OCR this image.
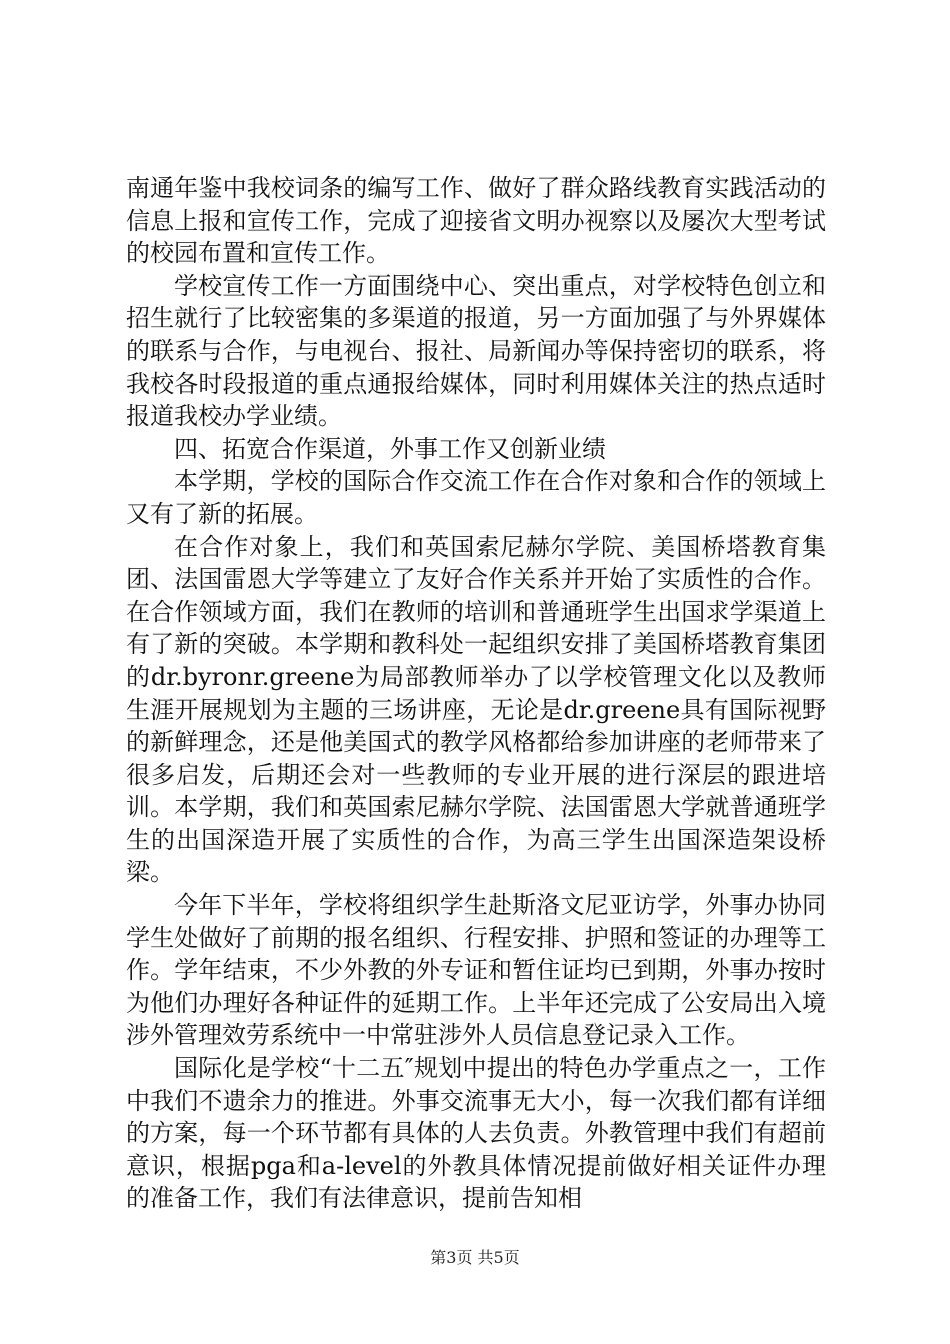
南通年鉴中我校词条的编写工作、做好了群众路线教育实践活动的信息上报和宣传工作，完成了迎接省文明办视察以及屡次大型考试的校园布置和宣传工作。

学校宣传工作一方面围绕中心、突出重点，对学校特色创立和招生就行了比较密集的多渠道的报道，另一方面加强了与外界媒体的联系与合作，与电视台、报社、局新闻办等保持密切的联系，将我校各时段报道的重点通报给媒体，同时利用媒体关注的热点适时报道我校办学业绩。

四、拓宽合作渠道，外事工作又创新业绩

本学期，学校的国际合作交流工作在合作对象和合作的领域上又有了新的拓展。

在合作对象上，我们和英国索尼赫尔学院、美国桥塔教育集团、法国雷恩大学等建立了友好合作关系并开始了实质性的合作。在合作领域方面，我们在教师的培训和普通班学生出国求学渠道上有了新的突破。本学期和教科处一起组织安排了美国桥塔教育集团的dr.byronr.greene为局部教师举办了以学校管理文化以及教师生涯开展规划为主题的三场讲座，无论是dr.greene具有国际视野的新鲜理念，还是他美国式的教学风格都给参加讲座的老师带来了很多启发，后期还会对一些教师的专业开展的进行深层的跟进培训。本学期，我们和英国索尼赫尔学院、法国雷恩大学就普通班学生的出国深造开展了实质性的合作，为高三学生出国深造架设桥梁。

今年下半年，学校将组织学生赴斯洛文尼亚访学，外事办协同学生处做好了前期的报名组织、行程安排、护照和签证的办理等工作。学年结束，不少外教的外专证和暂住证均已到期，外事办按时为他们办理好各种证件的延期工作。上半年还完成了公安局出入境涉外管理效劳系统中一中常驻涉外人员信息登记录入工作。

国际化是学校“十二五″规划中提出的特色办学重点之一，工作中我们不遗余力的推进。外事交流事无大小，每一次我们都有详细的方案，每一个环节都有具体的人去负责。外教管理中我们有超前意识，根据pga和a-level的外教具体情况提前做好相关证件办理的准备工作，我们有法律意识，提前告知相

第3页 共5页
